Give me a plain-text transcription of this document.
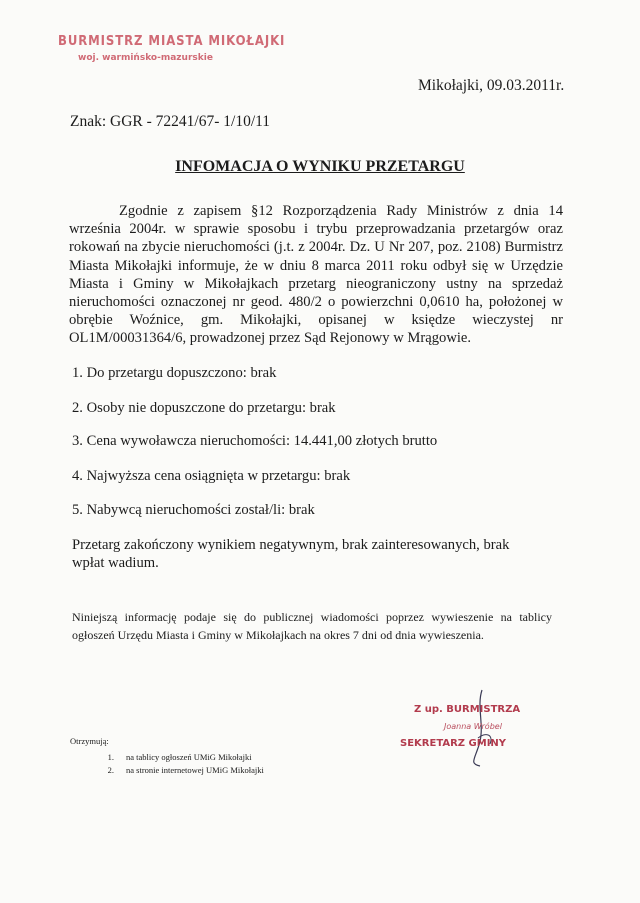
BURMISTRZ MIASTA MIKOŁAJKI
woj. warmińsko-mazurskie
Mikołajki, 09.03.2011r.
Znak: GGR - 72241/67- 1/10/11
INFOMACJA O WYNIKU PRZETARGU

Zgodnie z zapisem §12 Rozporządzenia Rady Ministrów z dnia 14 września 2004r. w sprawie sposobu i trybu przeprowadzania przetargów oraz rokowań na zbycie nieruchomości (j.t. z 2004r. Dz. U Nr 207, poz. 2108) Burmistrz Miasta Mikołajki informuje, że w dniu 8 marca 2011 roku odbył się w Urzędzie Miasta i Gminy w Mikołajkach przetarg nieograniczony ustny na sprzedaż nieruchomości oznaczonej nr geod. 480/2 o powierzchni 0,0610 ha, położonej w obrębie Woźnice, gm. Mikołajki, opisanej w księdze wieczystej nr OL1M/00031364/6, prowadzonej przez Sąd Rejonowy w Mrągowie.

1. Do przetargu dopuszczono: brak
2. Osoby nie dopuszczone do przetargu: brak
3. Cena wywoławcza nieruchomości: 14.441,00 złotych brutto
4. Najwyższa cena osiągnięta w przetargu: brak
5. Nabywcą nieruchomości został/li: brak

Przetarg zakończony wynikiem negatywnym, brak zainteresowanych, brak wpłat wadium.

Niniejszą informację podaje się do publicznej wiadomości poprzez wywieszenie na tablicy ogłoszeń Urzędu Miasta i Gminy w Mikołajkach na okres 7 dni od dnia wywieszenia.

Z up. BURMISTRZA
Joanna Wróbel
SEKRETARZ GMINY
Otrzymują:
1.	na tablicy ogłoszeń UMiG Mikołajki
2.	na stronie internetowej UMiG Mikołajki
